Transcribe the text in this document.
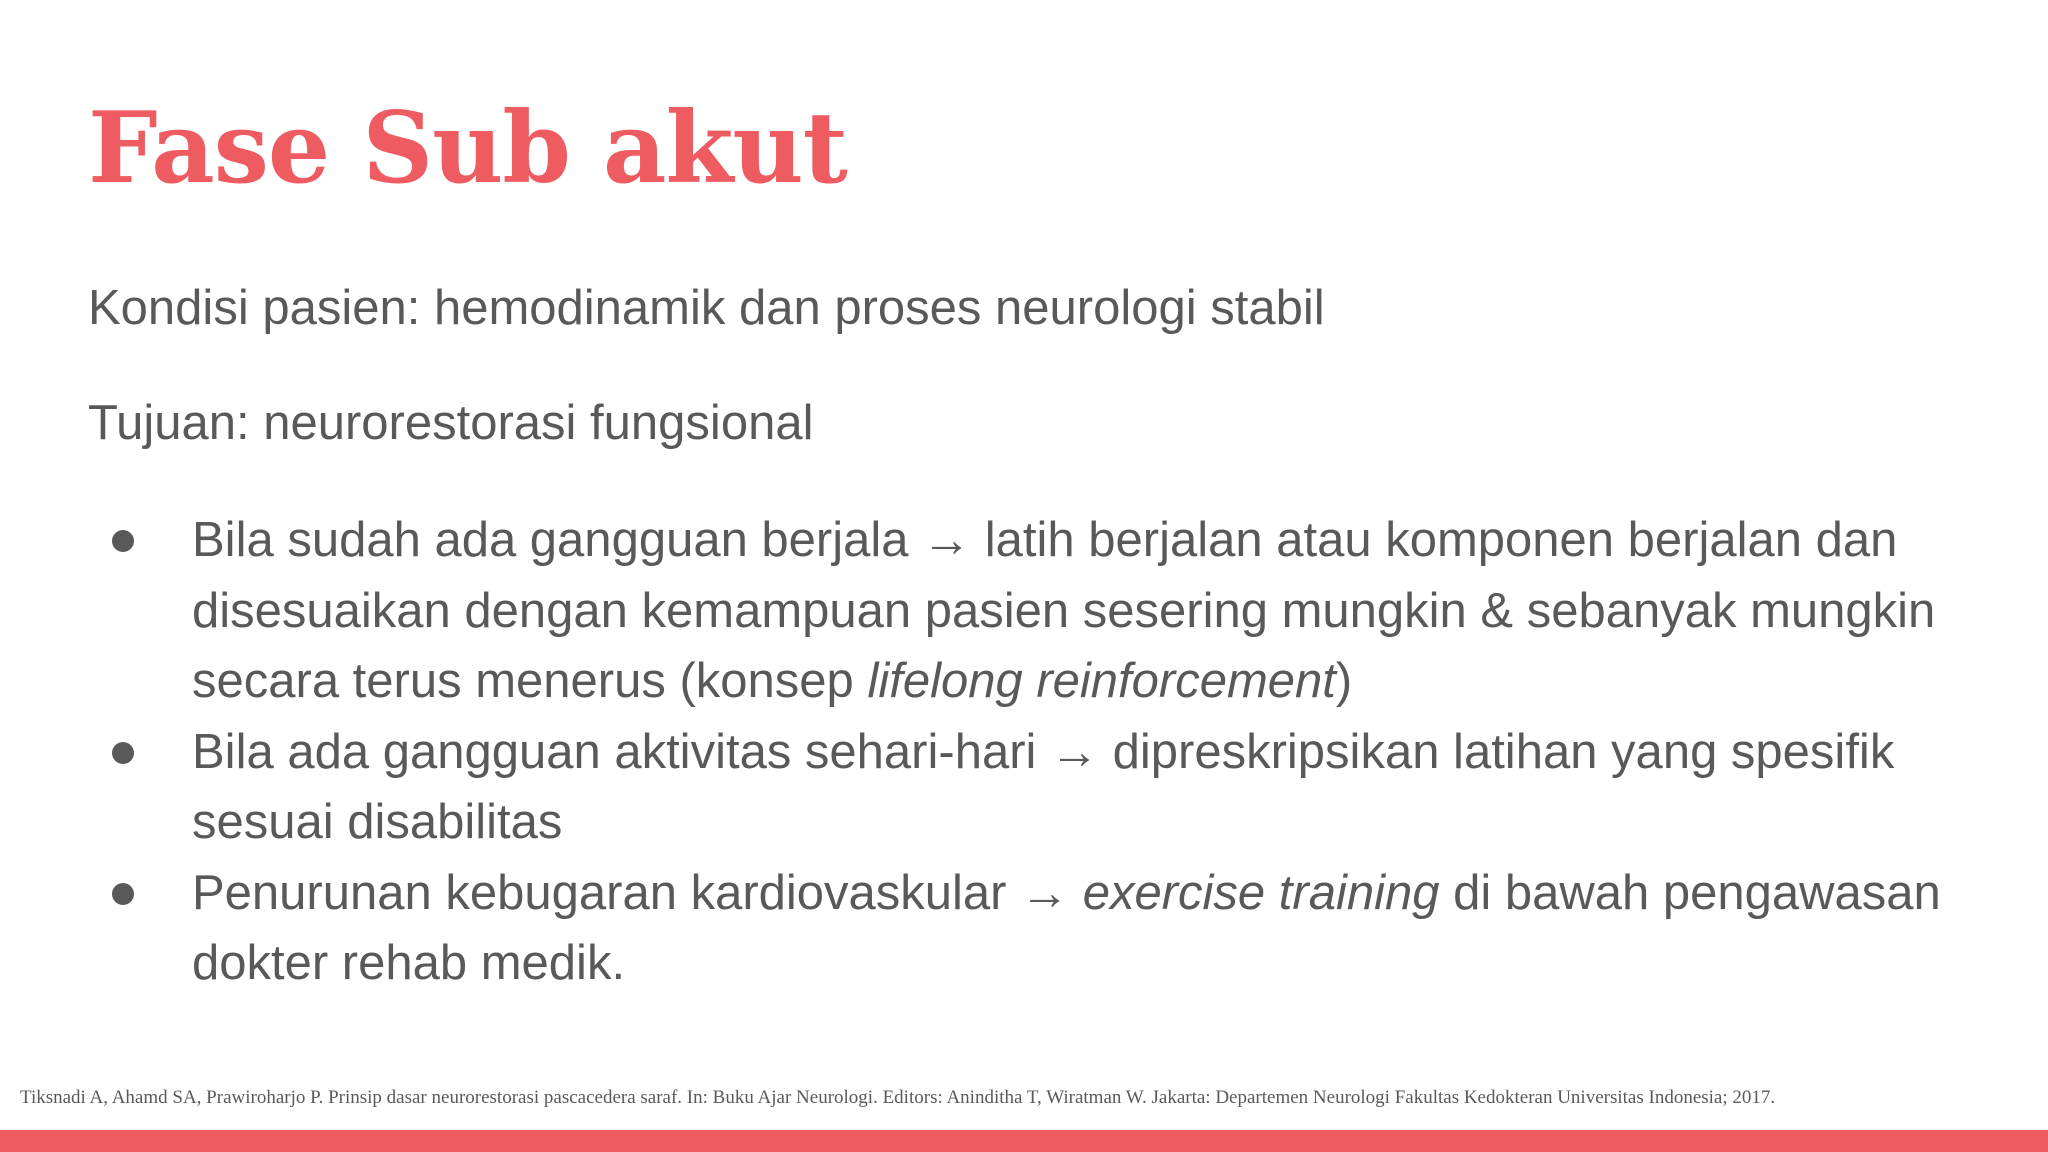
Fase Sub akut

Kondisi pasien: hemodinamik dan proses neurologi stabil

Tujuan: neurorestorasi fungsional

Bila sudah ada gangguan berjala → latih berjalan atau komponen berjalan dan
disesuaikan dengan kemampuan pasien sesering mungkin & sebanyak mungkin
secara terus menerus (konsep lifelong reinforcement)
Bila ada gangguan aktivitas sehari-hari → dipreskripsikan latihan yang spesifik
sesuai disabilitas
Penurunan kebugaran kardiovaskular → exercise training di bawah pengawasan
dokter rehab medik.

Tiksnadi A, Ahamd SA, Prawiroharjo P. Prinsip dasar neurorestorasi pascacedera saraf. In: Buku Ajar Neurologi. Editors: Aninditha T, Wiratman W. Jakarta: Departemen Neurologi Fakultas Kedokteran Universitas Indonesia; 2017.
